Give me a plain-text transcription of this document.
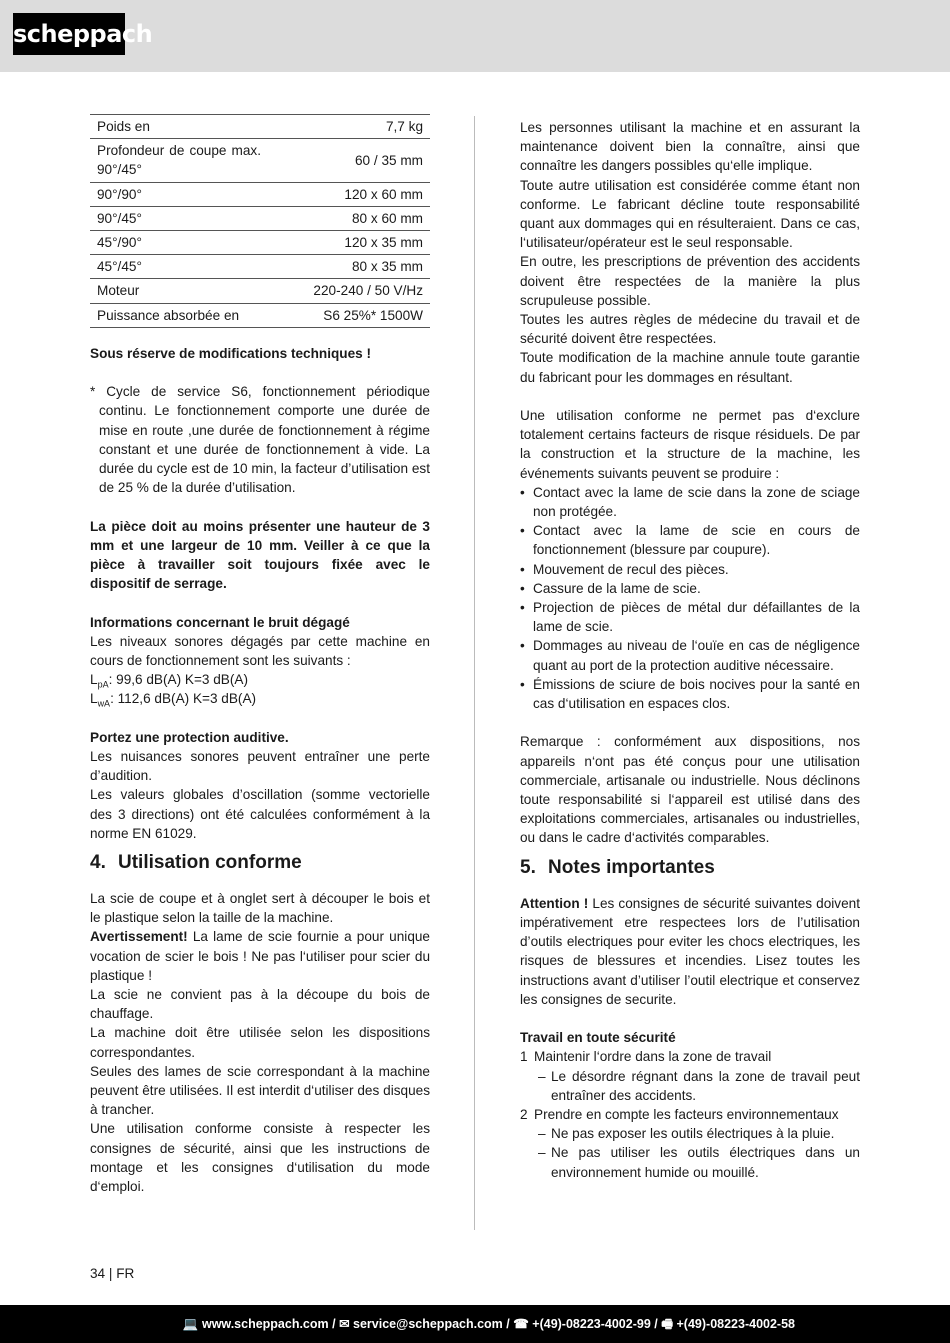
scheppach
Poids en	7,7 kg
Profondeur de coupe max. 90°/45°	60 / 35 mm
90°/90°	120 x 60 mm
90°/45°	80 x 60 mm
45°/90°	120 x 35 mm
45°/45°	80 x 35 mm
Moteur	220-240 / 50 V/Hz
Puissance absorbée en	S6 25%* 1500W

Sous réserve de modifications techniques !

* Cycle de service S6, fonctionnement périodique continu. Le fonctionnement comporte une durée de mise en route ,une durée de fonctionnement à régime constant et une durée de fonctionnement à vide. La durée du cycle est de 10 min, la facteur d’utilisation est de 25 % de la durée d’utilisation.

La pièce doit au moins présenter une hauteur de 3 mm et une largeur de 10 mm. Veiller à ce que la pièce à travailler soit toujours fixée avec le dispositif de serrage.

Informations concernant le bruit dégagé

Les niveaux sonores dégagés par cette machine en cours de fonctionnement sont les suivants :

$L_{pA}$: 99,6 dB(A) K=3 dB(A)

$L_{wA}$: 112,6 dB(A) K=3 dB(A)

Portez une protection auditive.

Les nuisances sonores peuvent entraîner une perte d’audition.

Les valeurs globales d’oscillation (somme vectorielle des 3 directions) ont été calculées conformément à la norme EN 61029.

4. Utilisation conforme

La scie de coupe et à onglet sert à découper le bois et le plastique selon la taille de la machine.

Avertissement! La lame de scie fournie a pour unique vocation de scier le bois ! Ne pas l‘utiliser pour scier du plastique !

La scie ne convient pas à la découpe du bois de chauffage.

La machine doit être utilisée selon les dispositions correspondantes.

Seules des lames de scie correspondant à la machine peuvent être utilisées. Il est interdit d‘utiliser des disques à trancher.

Une utilisation conforme consiste à respecter les consignes de sécurité, ainsi que les instructions de montage et les consignes d‘utilisation du mode d‘emploi.

Les personnes utilisant la machine et en assurant la maintenance doivent bien la connaître, ainsi que connaître les dangers possibles qu‘elle implique.

Toute autre utilisation est considérée comme étant non conforme. Le fabricant décline toute responsabilité quant aux dommages qui en résulteraient. Dans ce cas, l‘utilisateur/opérateur est le seul responsable.

En outre, les prescriptions de prévention des accidents doivent être respectées de la manière la plus scrupuleuse possible.

Toutes les autres règles de médecine du travail et de sécurité doivent être respectées.

Toute modification de la machine annule toute garantie du fabricant pour les dommages en résultant.

Une utilisation conforme ne permet pas d‘exclure totalement certains facteurs de risque résiduels. De par la construction et la structure de la machine, les événements suivants peuvent se produire :

• Contact avec la lame de scie dans la zone de sciage non protégée.
• Contact avec la lame de scie en cours de fonctionnement (blessure par coupure).
• Mouvement de recul des pièces.
• Cassure de la lame de scie.
• Projection de pièces de métal dur défaillantes de la lame de scie.
• Dommages au niveau de l‘ouïe en cas de négligence quant au port de la protection auditive nécessaire.
• Émissions de sciure de bois nocives pour la santé en cas d‘utilisation en espaces clos.

Remarque : conformément aux dispositions, nos appareils n‘ont pas été conçus pour une utilisation commerciale, artisanale ou industrielle. Nous déclinons toute responsabilité si l‘appareil est utilisé dans des exploitations commerciales, artisanales ou industrielles, ou dans le cadre d‘activités comparables.

5. Notes importantes

Attention ! Les consignes de sécurité suivantes doivent impérativement etre respectees lors de l’utilisation d’outils electriques pour eviter les chocs electriques, les risques de blessures et incendies. Lisez toutes les instructions avant d’utiliser l’outil electrique et conservez les consignes de securite.

Travail en toute sécurité

1 Maintenir l‘ordre dans la zone de travail
– Le désordre régnant dans la zone de travail peut entraîner des accidents.
2 Prendre en compte les facteurs environnementaux
– Ne pas exposer les outils électriques à la pluie.
– Ne pas utiliser les outils électriques dans un environnement humide ou mouillé.
34 | FR
💻 www.scheppach.com / ✉ service@scheppach.com / ☎ +(49)-08223-4002-99 / 🖷 +(49)-08223-4002-58
